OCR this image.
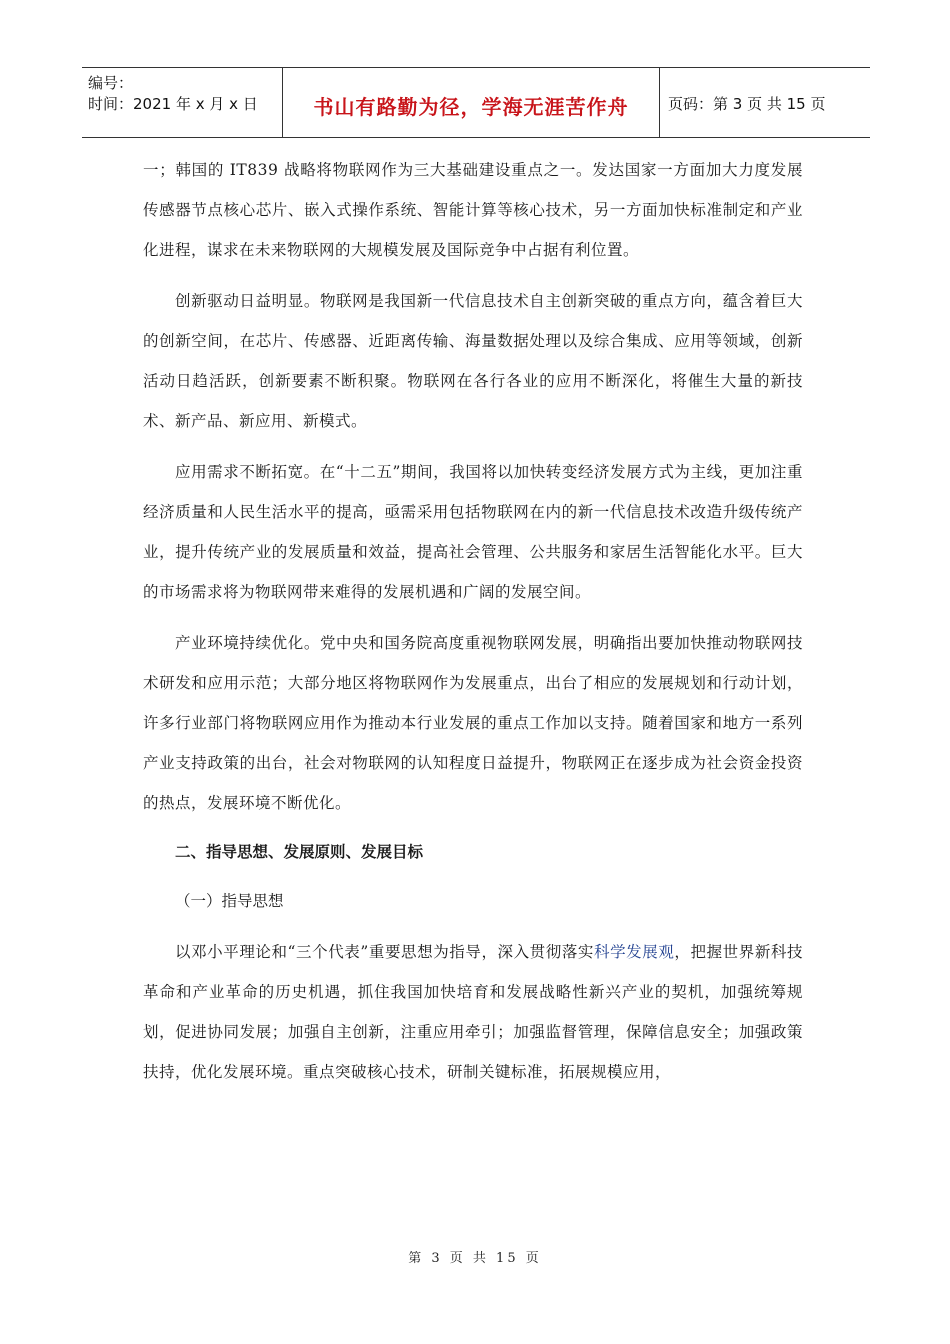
编号：
时间：2021 年 x 月 x 日	书山有路勤为径，学海无涯苦作舟	页码：第 3 页 共 15 页

一；韩国的 IT839 战略将物联网作为三大基础建设重点之一。发达国家一方面加大力度发展传感器节点核心芯片、嵌入式操作系统、智能计算等核心技术，另一方面加快标准制定和产业化进程，谋求在未来物联网的大规模发展及国际竞争中占据有利位置。

创新驱动日益明显。物联网是我国新一代信息技术自主创新突破的重点方向，蕴含着巨大的创新空间，在芯片、传感器、近距离传输、海量数据处理以及综合集成、应用等领域，创新活动日趋活跃，创新要素不断积聚。物联网在各行各业的应用不断深化，将催生大量的新技术、新产品、新应用、新模式。

应用需求不断拓宽。在“十二五”期间，我国将以加快转变经济发展方式为主线，更加注重经济质量和人民生活水平的提高，亟需采用包括物联网在内的新一代信息技术改造升级传统产业，提升传统产业的发展质量和效益，提高社会管理、公共服务和家居生活智能化水平。巨大的市场需求将为物联网带来难得的发展机遇和广阔的发展空间。

产业环境持续优化。党中央和国务院高度重视物联网发展，明确指出要加快推动物联网技术研发和应用示范；大部分地区将物联网作为发展重点，出台了相应的发展规划和行动计划，许多行业部门将物联网应用作为推动本行业发展的重点工作加以支持。随着国家和地方一系列产业支持政策的出台，社会对物联网的认知程度日益提升，物联网正在逐步成为社会资金投资的热点，发展环境不断优化。

二、指导思想、发展原则、发展目标
（一）指导思想

以邓小平理论和“三个代表”重要思想为指导，深入贯彻落实科学发展观，把握世界新科技革命和产业革命的历史机遇，抓住我国加快培育和发展战略性新兴产业的契机，加强统筹规划，促进协同发展；加强自主创新，注重应用牵引；加强监督管理，保障信息安全；加强政策扶持，优化发展环境。重点突破核心技术，研制关键标准，拓展规模应用，

第 3 页 共 15 页
